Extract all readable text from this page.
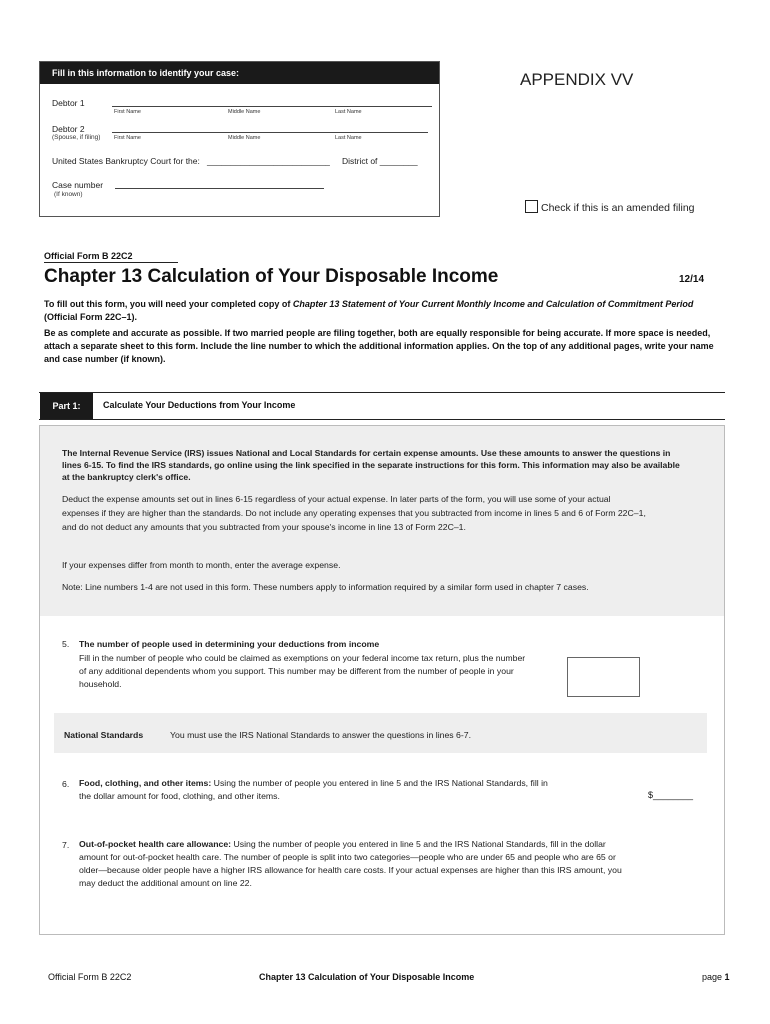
Fill in this information to identify your case:
Debtor 1
First Name	Middle Name	Last Name
Debtor 2
(Spouse, if filing) First Name	Middle Name	Last Name
United States Bankruptcy Court for the: __________________________ District of ________
Case number
(If known)
APPENDIX VV
Check if this is an amended filing
Official Form B 22C2
Chapter 13 Calculation of Your Disposable Income	12/14
To fill out this form, you will need your completed copy of Chapter 13 Statement of Your Current Monthly Income and Calculation of Commitment Period (Official Form 22C–1).
Be as complete and accurate as possible. If two married people are filing together, both are equally responsible for being accurate. If more space is needed, attach a separate sheet to this form. Include the line number to which the additional information applies. On the top of any additional pages, write your name and case number (if known).
Part 1:	Calculate Your Deductions from Your Income
The Internal Revenue Service (IRS) issues National and Local Standards for certain expense amounts. Use these amounts to answer the questions in lines 6-15. To find the IRS standards, go online using the link specified in the separate instructions for this form. This information may also be available at the bankruptcy clerk's office.
Deduct the expense amounts set out in lines 6-15 regardless of your actual expense. In later parts of the form, you will use some of your actual expenses if they are higher than the standards. Do not include any operating expenses that you subtracted from income in lines 5 and 6 of Form 22C–1, and do not deduct any amounts that you subtracted from your spouse's income in line 13 of Form 22C–1.
If your expenses differ from month to month, enter the average expense.
Note: Line numbers 1-4 are not used in this form. These numbers apply to information required by a similar form used in chapter 7 cases.
5. The number of people used in determining your deductions from income
Fill in the number of people who could be claimed as exemptions on your federal income tax return, plus the number of any additional dependents whom you support. This number may be different from the number of people in your household.
National Standards	You must use the IRS National Standards to answer the questions in lines 6-7.
6. Food, clothing, and other items: Using the number of people you entered in line 5 and the IRS National Standards, fill in the dollar amount for food, clothing, and other items.	$________
7. Out-of-pocket health care allowance: Using the number of people you entered in line 5 and the IRS National Standards, fill in the dollar amount for out-of-pocket health care. The number of people is split into two categories—people who are under 65 and people who are 65 or older—because older people have a higher IRS allowance for health care costs. If your actual expenses are higher than this IRS amount, you may deduct the additional amount on line 22.
Official Form B 22C2	Chapter 13 Calculation of Your Disposable Income	page 1
